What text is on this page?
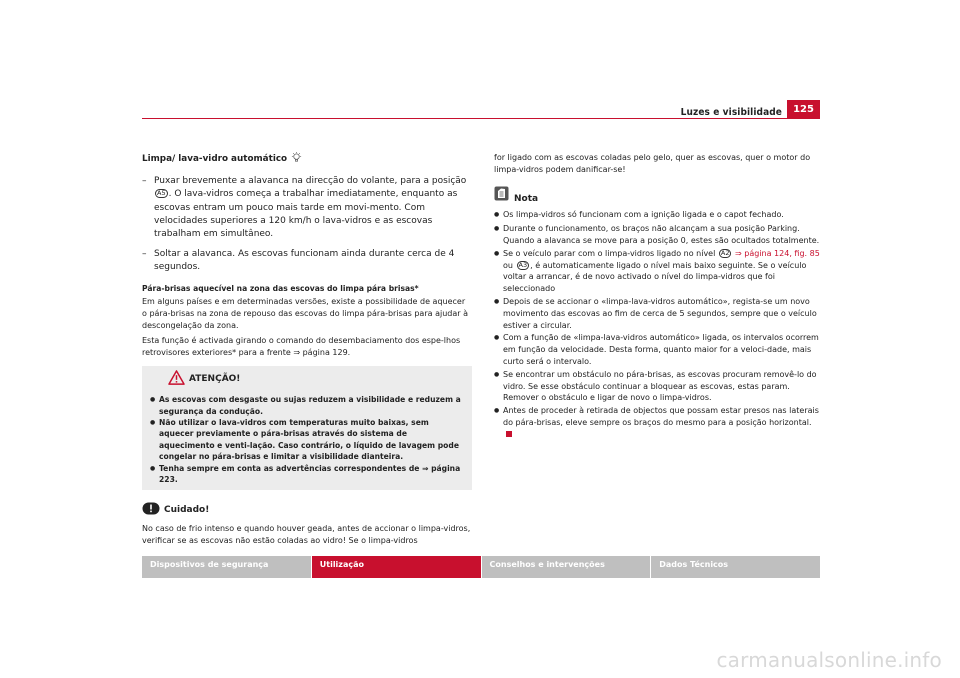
Luzes e visibilidade	125
Limpa/ lava-vidro automático
– Puxar brevemente a alavanca na direcção do volante, para a posição A5 . O lava-vidros começa a trabalhar imediatamente, enquanto as escovas entram um pouco mais tarde em movi-mento. Com velocidades superiores a 120 km/h o lava-vidros e as escovas trabalham em simultâneo.
– Soltar a alavanca. As escovas funcionam ainda durante cerca de 4 segundos.
Pára-brisas aquecível na zona das escovas do limpa pára brisas*
Em alguns países e em determinadas versões, existe a possibilidade de aquecer o pára-brisas na zona de repouso das escovas do limpa pára-brisas para ajudar à descongelação da zona.
Esta função é activada girando o comando do desembaciamento dos espe-lhos retrovisores exteriores* para a frente ⇒ página 129.
ATENÇÃO!
●
As escovas com desgaste ou sujas reduzem a visibilidade e reduzem a segurança da condução.
●
Não utilizar o lava-vidros com temperaturas muito baixas, sem aquecer previamente o pára-brisas através do sistema de aquecimento e venti-lação. Caso contrário, o líquido de lavagem pode congelar no pára-brisas e limitar a visibilidade dianteira.
●
Tenha sempre em conta as advertências correspondentes de ⇒ página 223.
Cuidado!
No caso de frio intenso e quando houver geada, antes de accionar o limpa-vidros, verificar se as escovas não estão coladas ao vidro! Se o limpa-vidros
for ligado com as escovas coladas pelo gelo, quer as escovas, quer o motor do limpa-vidros podem danificar-se!
Nota
●
Os limpa-vidros só funcionam com a ignição ligada e o capot fechado.
●
Durante o funcionamento, os braços não alcançam a sua posição Parking. Quando a alavanca se move para a posição 0, estes são ocultados totalmente.
●
Se o veículo parar com o limpa-vidros ligado no nível A2 ⇒ página 124, fig. 85 ou A3 , é automaticamente ligado o nível mais baixo seguinte. Se o veículo voltar a arrancar, é de novo activado o nível do limpa-vidros que foi seleccionado
●
Depois de se accionar o «limpa-lava-vidros automático», regista-se um novo movimento das escovas ao fim de cerca de 5 segundos, sempre que o veículo estiver a circular.
●
Com a função de «limpa-lava-vidros automático» ligada, os intervalos ocorrem em função da velocidade. Desta forma, quanto maior for a veloci-dade, mais curto será o intervalo.
●
Se encontrar um obstáculo no pára-brisas, as escovas procuram removê-lo do vidro. Se esse obstáculo continuar a bloquear as escovas, estas param. Remover o obstáculo e ligar de novo o limpa-vidros.
●
Antes de proceder à retirada de objectos que possam estar presos nas laterais do pára-brisas, eleve sempre os braços do mesmo para a posição horizontal.
Dispositivos de segurança	Utilização	Conselhos e intervenções	Dados Técnicos
carmanualsonline.info
